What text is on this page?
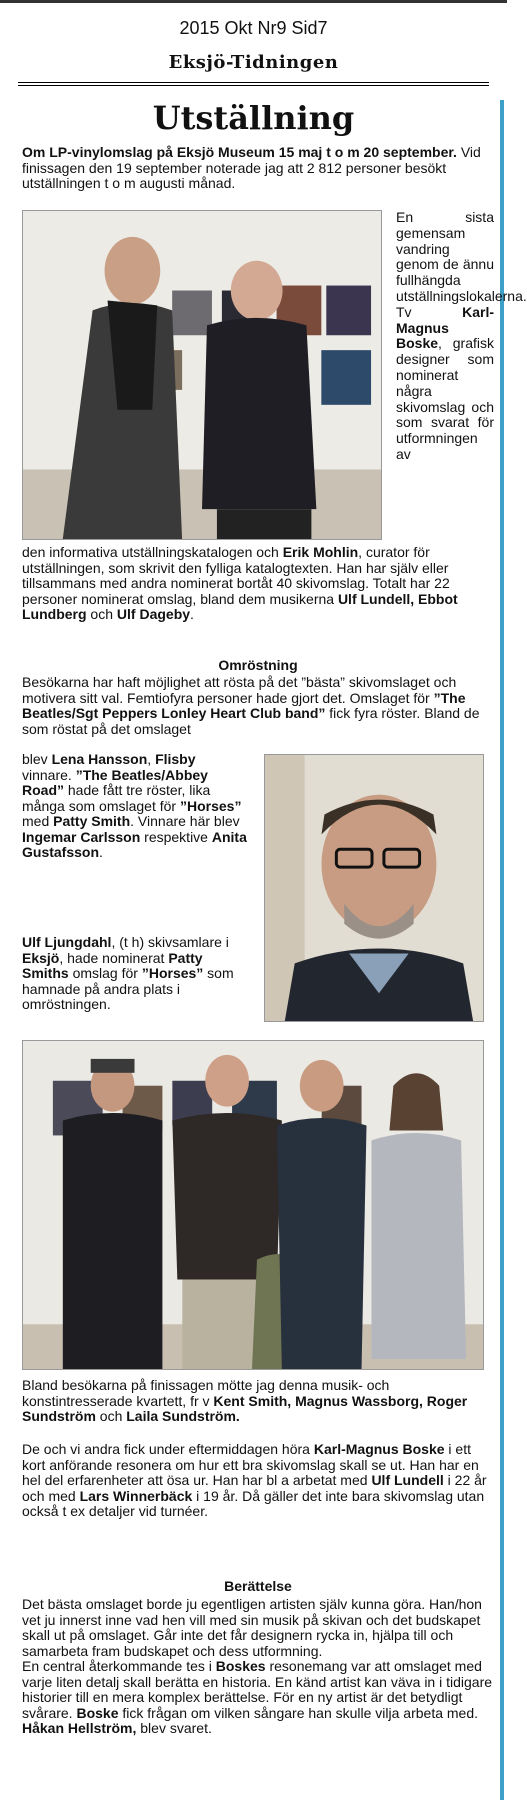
2015 Okt Nr9 Sid7
Eksjö-Tidningen
Utställning
Om LP-vinylomslag på Eksjö Museum 15 maj t o m 20 september. Vid finissagen den 19 september noterade jag att 2 812 personer besökt utställningen t o m augusti månad.
En sista gemensam vandring genom de ännu fullhängda utställningslokalerna. Tv Karl-Magnus Boske, grafisk designer som nominerat några skivomslag och som svarat för utformningen av
den informativa utställningskatalogen och Erik Mohlin, curator för utställningen, som skrivit den fylliga katalogtexten. Han har själv eller tillsammans med andra nominerat bortåt 40 skivomslag. Totalt har 22 personer nominerat omslag, bland dem musikerna Ulf Lundell, Ebbot Lundberg och Ulf Dageby.
Omröstning
Besökarna har haft möjlighet att rösta på det ”bästa” skivomslaget och motivera sitt val. Femtiofyra personer hade gjort det. Omslaget för ”The Beatles/Sgt Peppers Lonley Heart Club band” fick fyra röster. Bland de som röstat på det omslaget
blev Lena Hansson, Flisby vinnare. ”The Beatles/Abbey Road” hade fått tre röster, lika många som omslaget för ”Horses” med Patty Smith. Vinnare här blev Ingemar Carlsson respektive Anita Gustafsson.
Ulf Ljungdahl, (t h) skivsamlare i Eksjö, hade nominerat Patty Smiths omslag för ”Horses” som hamnade på andra plats i omröstningen.
Bland besökarna på finissagen mötte jag denna musik- och konstintresserade kvartett, fr v Kent Smith, Magnus Wassborg, Roger Sundström och Laila Sundström.
De och vi andra fick under eftermiddagen höra Karl-Magnus Boske i ett kort anförande resonera om hur ett bra skivomslag skall se ut. Han har en hel del erfarenheter att ösa ur. Han har bl a arbetat med Ulf Lundell i 22 år och med Lars Winnerbäck i 19 år. Då gäller det inte bara skivomslag utan också t ex detaljer vid turnéer.
Berättelse

Det bästa omslaget borde ju egentligen artisten själv kunna göra. Han/hon vet ju innerst inne vad hen vill med sin musik på skivan och det budskapet skall ut på omslaget. Går inte det får designern rycka in, hjälpa till och samarbeta fram budskapet och dess utformning.

En central återkommande tes i Boskes resonemang var att omslaget med varje liten detalj skall berätta en historia. En känd artist kan väva in i tidigare historier till en mera komplex berättelse. För en ny artist är det betydligt svårare. Boske fick frågan om vilken sångare han skulle vilja arbeta med. Håkan Hellström, blev svaret.
